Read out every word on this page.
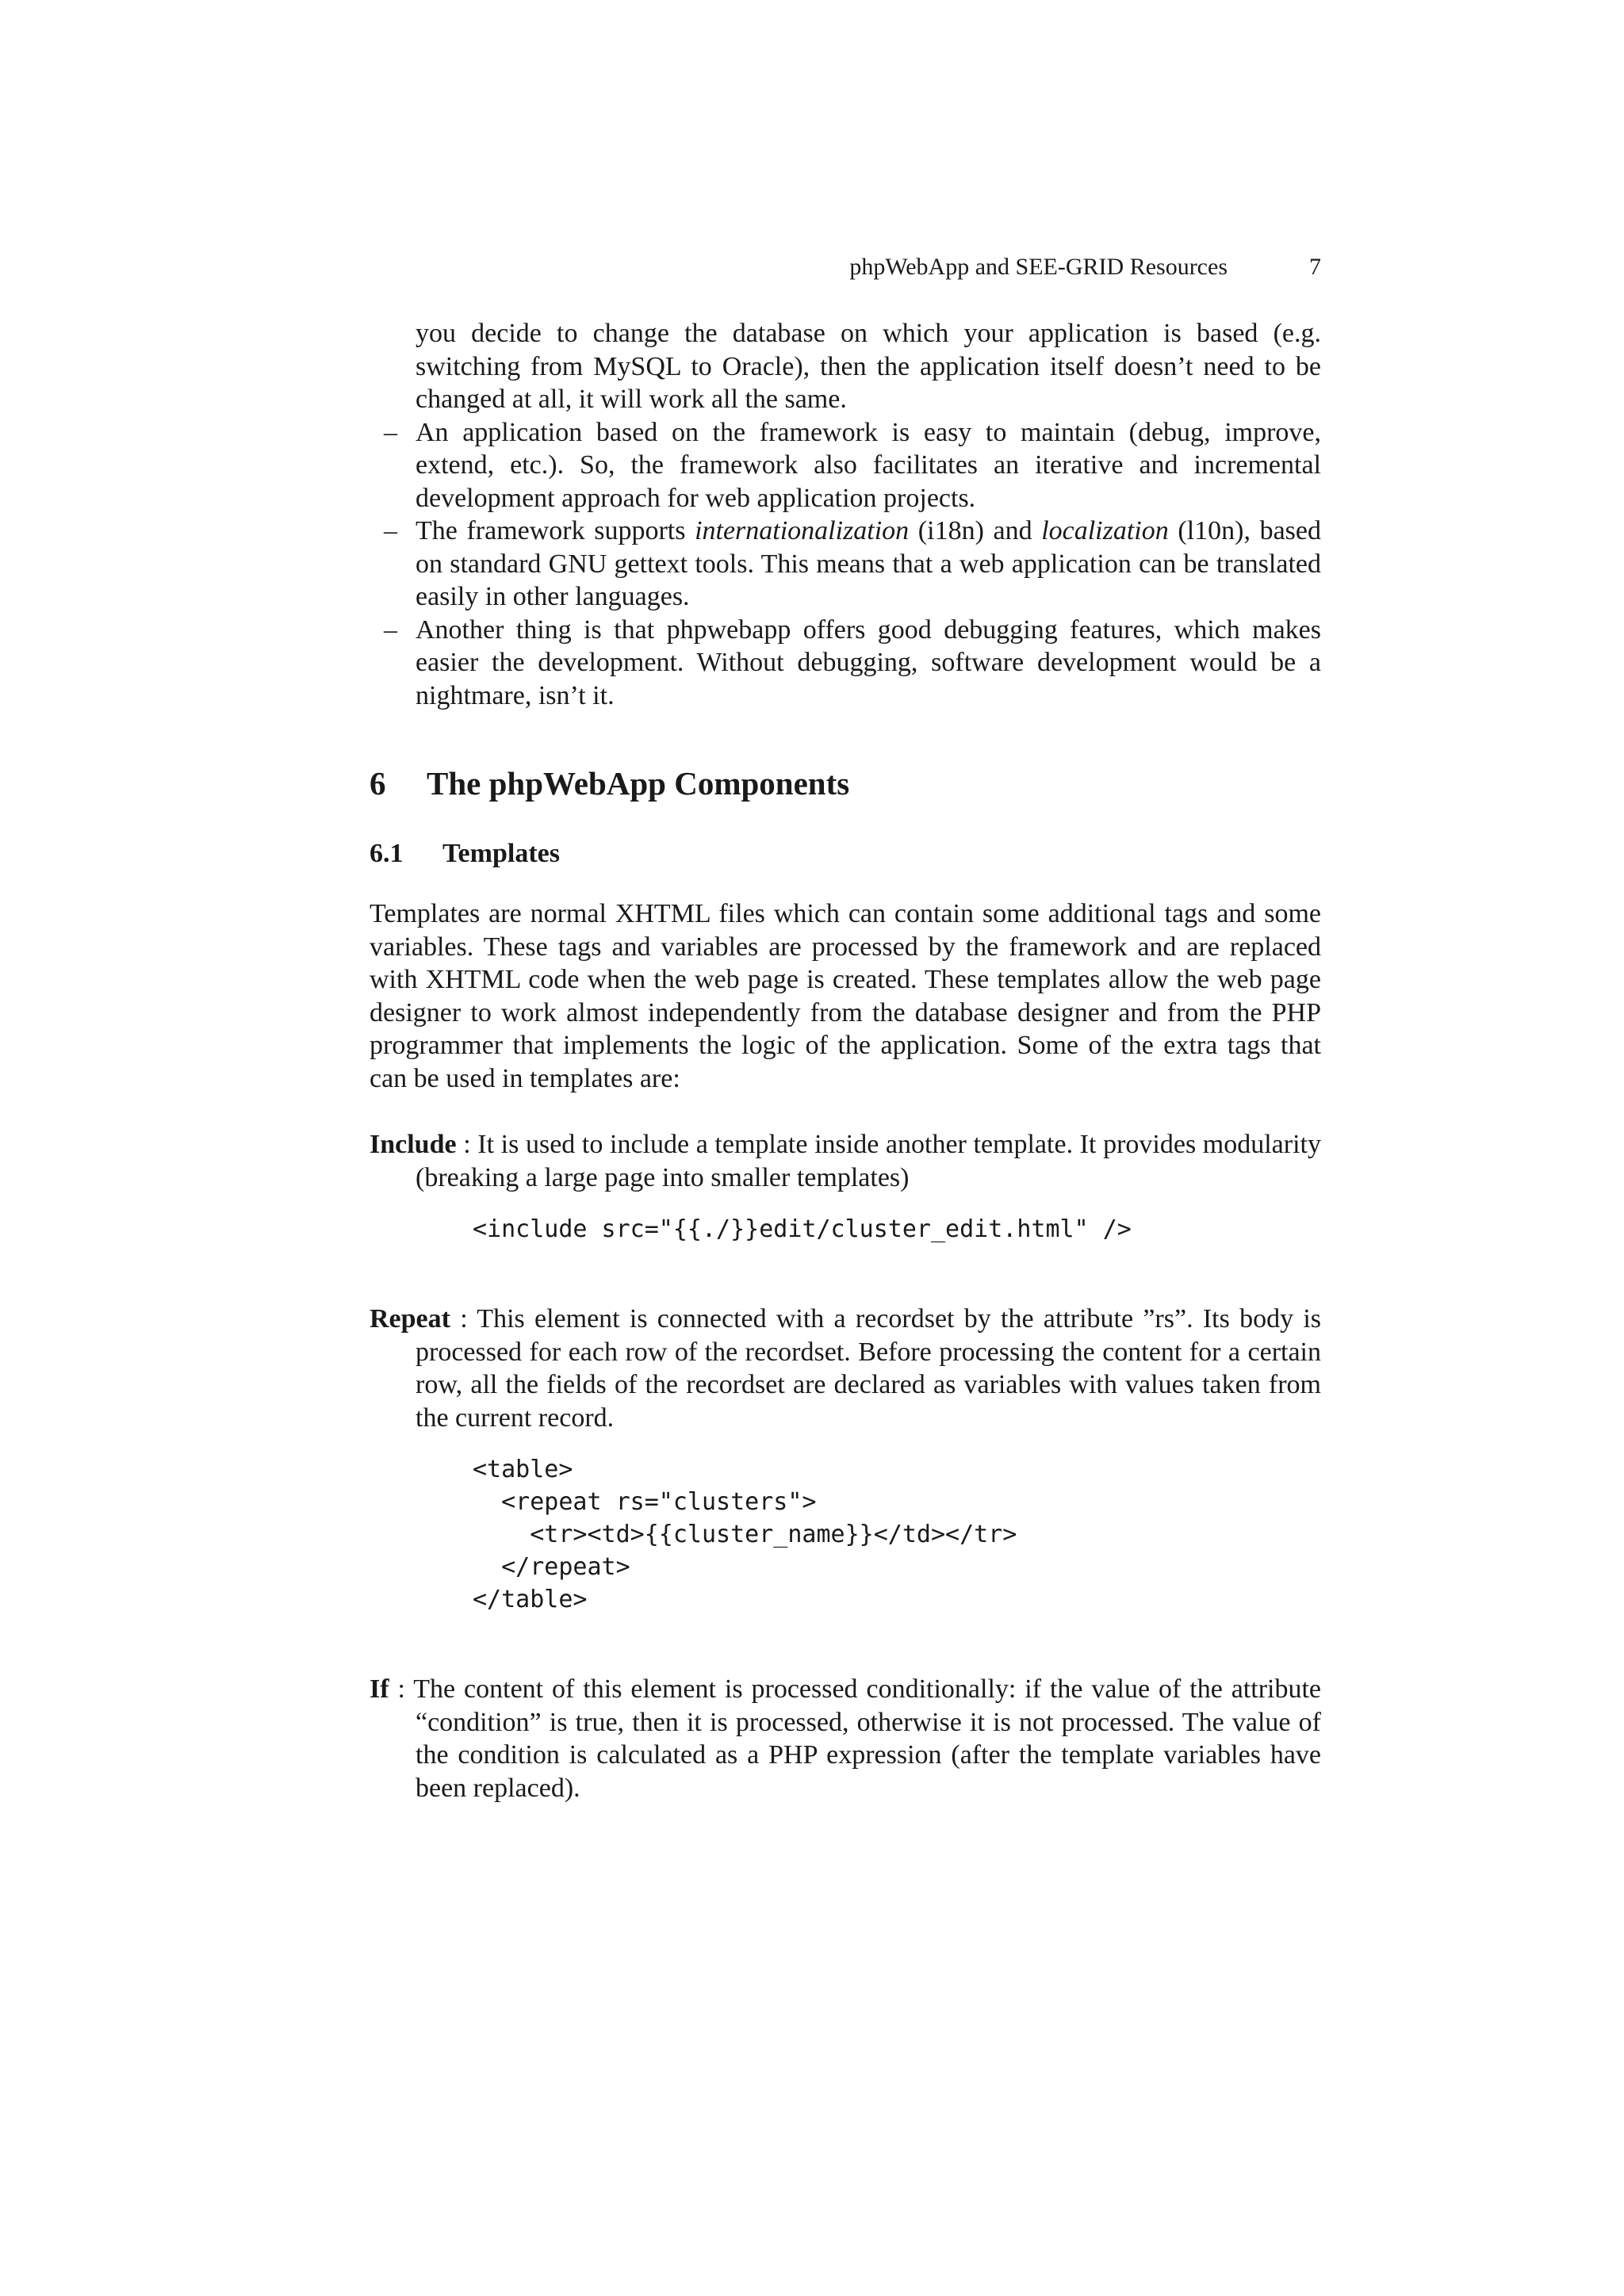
phpWebApp and SEE-GRID Resources	7

you decide to change the database on which your application is based (e.g. switching from MySQL to Oracle), then the application itself doesn’t need to be changed at all, it will work all the same.

– An application based on the framework is easy to maintain (debug, improve, extend, etc.). So, the framework also facilitates an iterative and incremental development approach for web application projects.
– The framework supports internationalization (i18n) and localization (l10n), based on standard GNU gettext tools. This means that a web application can be translated easily in other languages.
– Another thing is that phpwebapp offers good debugging features, which makes easier the development. Without debugging, software development would be a nightmare, isn’t it.
6 The phpWebApp Components
6.1 Templates

Templates are normal XHTML files which can contain some additional tags and some variables. These tags and variables are processed by the framework and are replaced with XHTML code when the web page is created. These templates allow the web page designer to work almost independently from the database designer and from the PHP programmer that implements the logic of the application. Some of the extra tags that can be used in templates are:

Include : It is used to include a template inside another template. It provides modularity (breaking a large page into smaller templates)

<include src="{{./}}edit/cluster_edit.html" />

Repeat : This element is connected with a recordset by the attribute ”rs”. Its body is processed for each row of the recordset. Before processing the content for a certain row, all the fields of the recordset are declared as variables with values taken from the current record.

<table>
<repeat rs="clusters">
<tr><td>{{cluster_name}}</td></tr>
</repeat>
</table>

If : The content of this element is processed conditionally: if the value of the attribute “condition” is true, then it is processed, otherwise it is not processed. The value of the condition is calculated as a PHP expression (after the template variables have been replaced).
